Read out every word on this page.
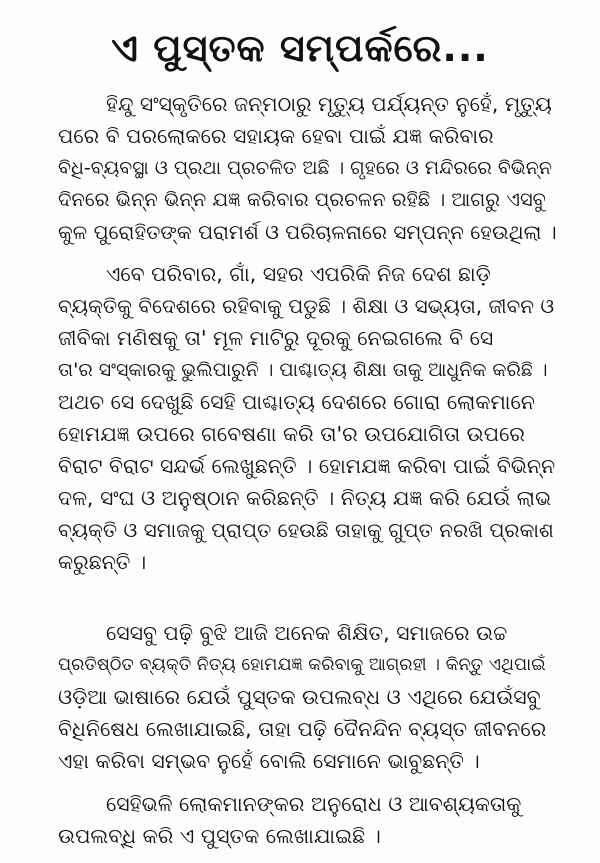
ଏ ପୁସ୍ତକ ସମ୍ପର୍କରେ...

ହିନ୍ଦୁ ସଂସ୍କୃତିରେ ଜନ୍ମଠାରୁ ମୃତ୍ୟୁ ପର୍ଯ୍ୟନ୍ତ ନୁହେଁ, ମୃତ୍ୟୁ
ପରେ ବି ପରଲୋକରେ ସହାୟକ ହେବା ପାଇଁ ଯଜ୍ଞ କରିବାର
ବିଧି-ବ୍ୟବସ୍ଥା ଓ ପ୍ରଥା ପ୍ରଚଳିତ ଅଛି । ଗୃହରେ ଓ ମନ୍ଦିରରେ ବିଭିନ୍ନ
ଦିନରେ ଭିନ୍ନ ଭିନ୍ନ ଯଜ୍ଞ କରିବାର ପ୍ରଚଳନ ରହିଛି । ଆଗରୁ ଏସବୁ
କୁଳ ପୁରୋହିତଙ୍କ ପରାମର୍ଶ ଓ ପରିଚାଳନାରେ ସମ୍ପନ୍ନ ହେଉଥିଲା ।

ଏବେ ପରିବାର, ଗାଁ, ସହର ଏପରିକି ନିଜ ଦେଶ ଛାଡ଼ି
ବ୍ୟକ୍ତିକୁ ବିଦେଶରେ ରହିବାକୁ ପଡୁଛି । ଶିକ୍ଷା ଓ ସଭ୍ୟତା, ଜୀବନ ଓ
ଜୀବିକା ମଣିଷକୁ ତା' ମୂଳ ମାଟିରୁ ଦୂରକୁ ନେଇଗଲେ ବି ସେ
ତା'ର ସଂସ୍କାରକୁ ଭୁଲିପାରୁନି । ପାଶ୍ଚାତ୍ୟ ଶିକ୍ଷା ତାକୁ ଆଧୁନିକ କରିଛି ।
ଅଥଚ ସେ ଦେଖୁଛି ସେହି ପାଶ୍ଚାତ୍ୟ ଦେଶରେ ଗୋରା ଲୋକମାନେ
ହୋମଯଜ୍ଞ ଉପରେ ଗବେଷଣା କରି ତା'ର ଉପଯୋଗିତା ଉପରେ
ବିରାଟ ବିରାଟ ସନ୍ଦର୍ଭ ଲେଖୁଛନ୍ତି । ହୋମଯଜ୍ଞ କରିବା ପାଇଁ ବିଭିନ୍ନ
ଦଳ, ସଂଘ ଓ ଅନୁଷ୍ଠାନ କରିଛନ୍ତି । ନିତ୍ୟ ଯଜ୍ଞ କରି ଯେଉଁ ଲାଭ
ବ୍ୟକ୍ତି ଓ ସମାଜକୁ ପ୍ରାପ୍ତ ହେଉଛି ତାହାକୁ ଗୁପ୍ତ ନରଖି ପ୍ରକାଶ
କରୁଛନ୍ତି ।

ସେସବୁ ପଢ଼ି ବୁଝି ଆଜି ଅନେକ ଶିକ୍ଷିତ, ସମାଜରେ ଉଚ୍ଚ
ପ୍ରତିଷ୍ଠିତ ବ୍ୟକ୍ତି ନିତ୍ୟ ହୋମଯଜ୍ଞ କରିବାକୁ ଆଗ୍ରହୀ । କିନ୍ତୁ ଏଥିପାଇଁ
ଓଡ଼ିଆ ଭାଷାରେ ଯେଉଁ ପୁସ୍ତକ ଉପଲବ୍ଧ ଓ ଏଥିରେ ଯେଉଁସବୁ
ବିଧିନିଷେଧ ଲେଖାଯାଇଛି, ତାହା ପଢ଼ି ଦୈନନ୍ଦିନ ବ୍ୟସ୍ତ ଜୀବନରେ
ଏହା କରିବା ସମ୍ଭବ ନୁହେଁ ବୋଲି ସେମାନେ ଭାବୁଛନ୍ତି ।

ସେହିଭଳି ଲୋକମାନଙ୍କର ଅନୁରୋଧ ଓ ଆବଶ୍ୟକତାକୁ
ଉପଲବ୍ଧି କରି ଏ ପୁସ୍ତକ ଲେଖାଯାଇଛି ।
